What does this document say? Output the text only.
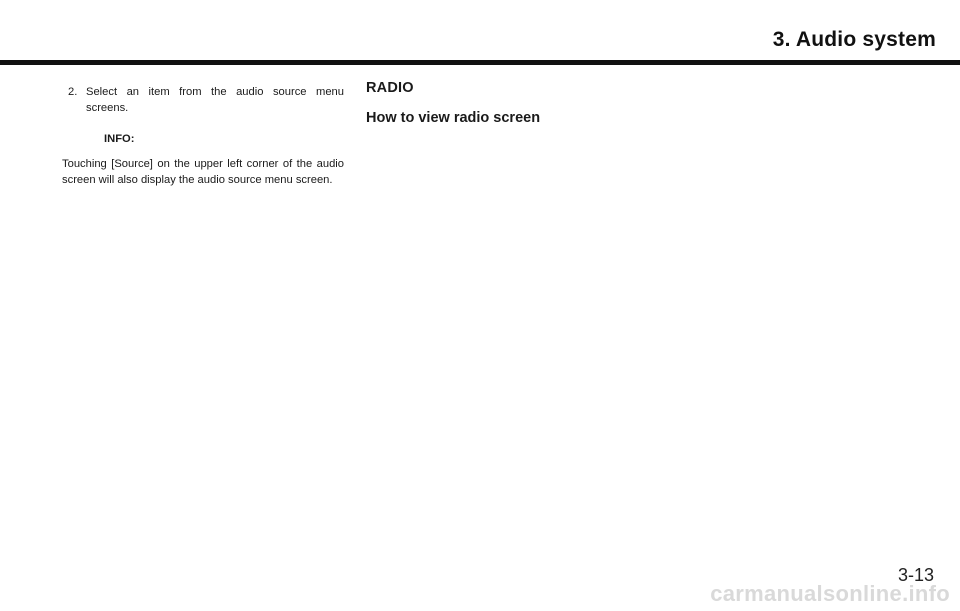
3. Audio system
2. Select an item from the audio source menu screens.
INFO:
Touching [Source] on the upper left corner of the audio screen will also display the audio source menu screen.
RADIO
How to view radio screen
3-13
carmanualsonline.info
